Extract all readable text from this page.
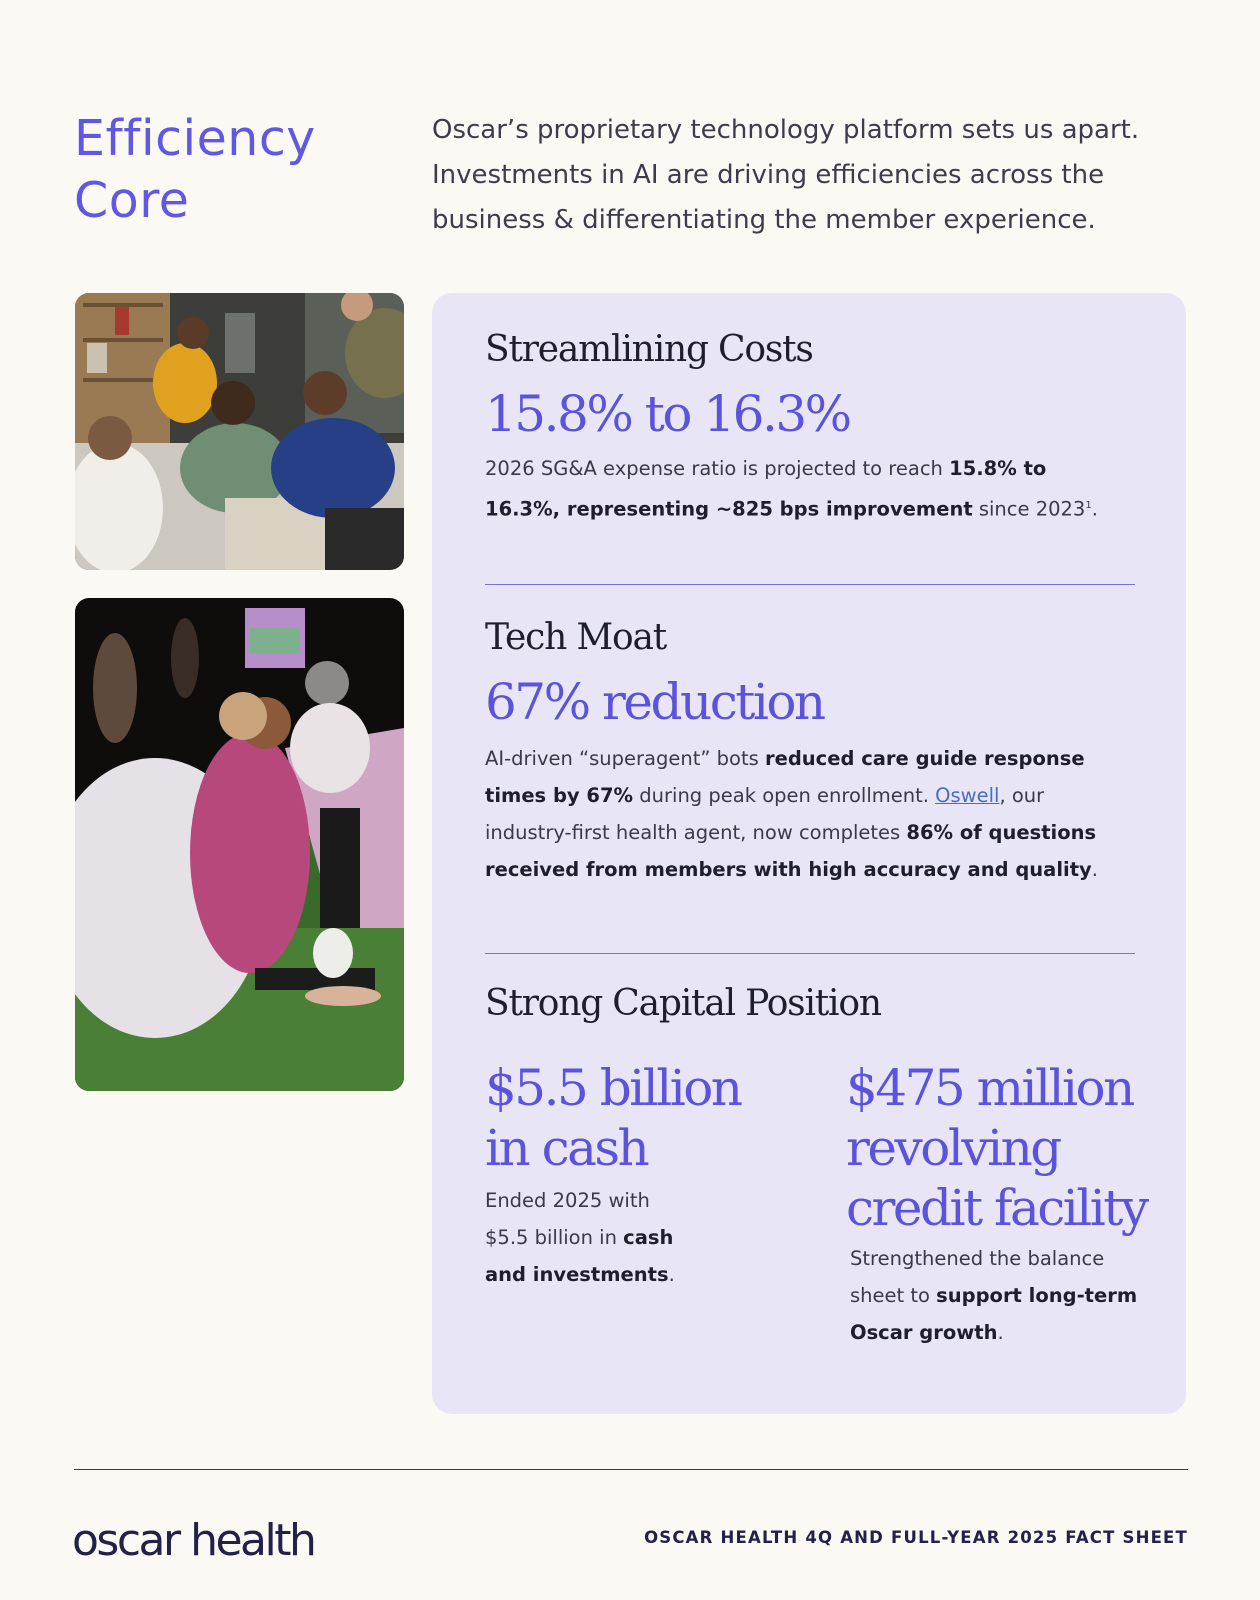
Efficiency
Core
Oscar’s proprietary technology platform sets us apart.
Investments in AI are driving efficiencies across the
business & differentiating the member experience.
Streamlining Costs
15.8% to 16.3%
2026 SG&A expense ratio is projected to reach 15.8% to
16.3%, representing ~825 bps improvement since 2023$^1$.
Tech Moat
67% reduction
AI-driven “superagent” bots reduced care guide response
times by 67% during peak open enrollment. Oswell, our
industry-first health agent, now completes 86% of questions
received from members with high accuracy and quality.
Strong Capital Position
$5.5 billion
in cash
Ended 2025 with
$5.5 billion in cash
and investments.
$475 million
revolving
credit facility
Strengthened the balance
sheet to support long-term
Oscar growth.
oscar health	OSCAR HEALTH 4Q AND FULL-YEAR 2025 FACT SHEET
